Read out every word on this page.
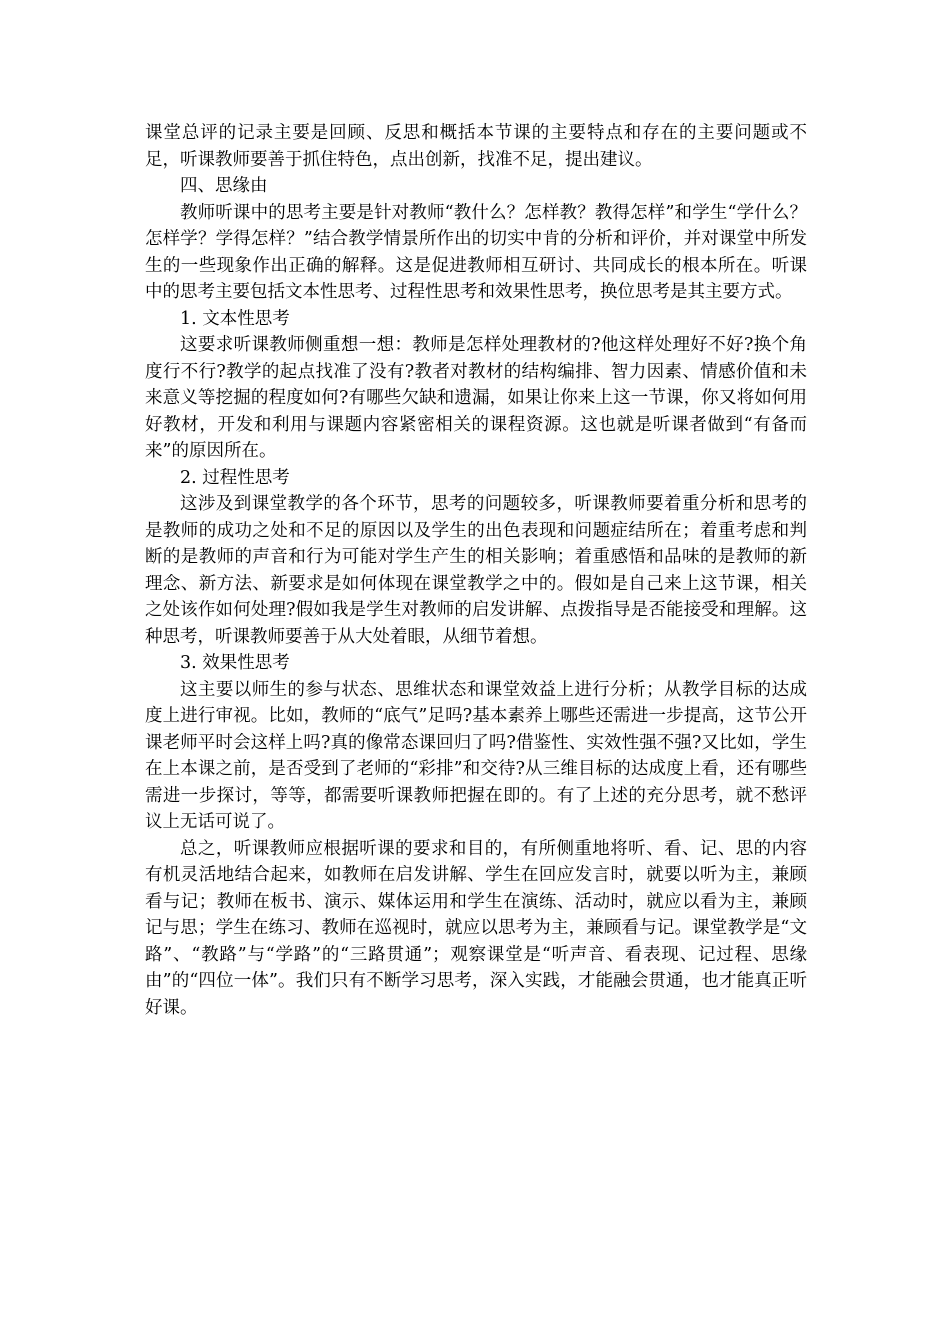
课堂总评的记录主要是回顾、反思和概括本节课的主要特点和存在的主要问题或不足，听课教师要善于抓住特色，点出创新，找准不足，提出建议。

四、思缘由

教师听课中的思考主要是针对教师“教什么？怎样教？教得怎样”和学生“学什么？怎样学？学得怎样？”结合教学情景所作出的切实中肯的分析和评价，并对课堂中所发生的一些现象作出正确的解释。这是促进教师相互研讨、共同成长的根本所在。听课中的思考主要包括文本性思考、过程性思考和效果性思考，换位思考是其主要方式。

1. 文本性思考

这要求听课教师侧重想一想：教师是怎样处理教材的?他这样处理好不好?换个角度行不行?教学的起点找准了没有?教者对教材的结构编排、智力因素、情感价值和未来意义等挖掘的程度如何?有哪些欠缺和遗漏，如果让你来上这一节课，你又将如何用好教材，开发和利用与课题内容紧密相关的课程资源。这也就是听课者做到“有备而来”的原因所在。

2. 过程性思考

这涉及到课堂教学的各个环节，思考的问题较多，听课教师要着重分析和思考的是教师的成功之处和不足的原因以及学生的出色表现和问题症结所在；着重考虑和判断的是教师的声音和行为可能对学生产生的相关影响；着重感悟和品味的是教师的新理念、新方法、新要求是如何体现在课堂教学之中的。假如是自己来上这节课，相关之处该作如何处理?假如我是学生对教师的启发讲解、点拨指导是否能接受和理解。这种思考，听课教师要善于从大处着眼，从细节着想。

3. 效果性思考

这主要以师生的参与状态、思维状态和课堂效益上进行分析；从教学目标的达成度上进行审视。比如，教师的“底气”足吗?基本素养上哪些还需进一步提高，这节公开课老师平时会这样上吗?真的像常态课回归了吗?借鉴性、实效性强不强?又比如，学生在上本课之前，是否受到了老师的“彩排”和交待?从三维目标的达成度上看，还有哪些需进一步探讨，等等，都需要听课教师把握在即的。有了上述的充分思考，就不愁评议上无话可说了。

总之，听课教师应根据听课的要求和目的，有所侧重地将听、看、记、思的内容有机灵活地结合起来，如教师在启发讲解、学生在回应发言时，就要以听为主，兼顾看与记；教师在板书、演示、媒体运用和学生在演练、活动时，就应以看为主，兼顾记与思；学生在练习、教师在巡视时，就应以思考为主，兼顾看与记。课堂教学是“文路”、“教路”与“学路”的“三路贯通”；观察课堂是“听声音、看表现、记过程、思缘由”的“四位一体”。我们只有不断学习思考，深入实践，才能融会贯通，也才能真正听好课。
